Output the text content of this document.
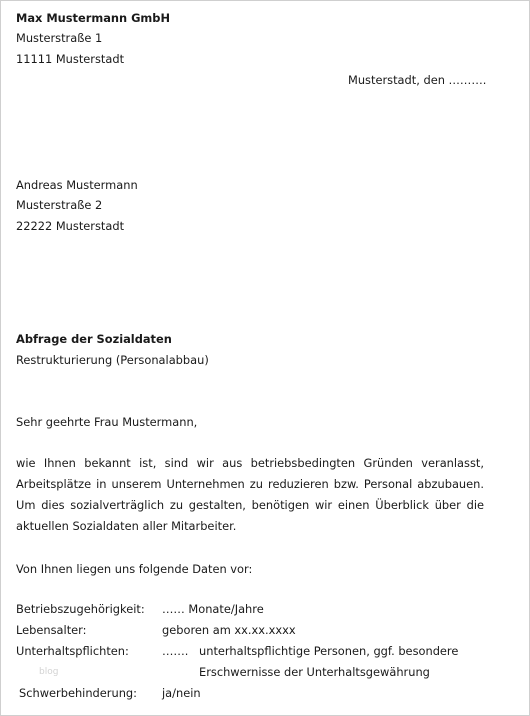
Max Mustermann GmbH
Musterstraße 1
11111 Musterstadt
Musterstadt, den ……….
Andreas Mustermann
Musterstraße 2
22222 Musterstadt
Abfrage der Sozialdaten
Restrukturierung (Personalabbau)
Sehr geehrte Frau Mustermann,
wie Ihnen bekannt ist, sind wir aus betriebsbedingten Gründen veranlasst, Arbeitsplätze in unserem Unternehmen zu reduzieren bzw. Personal abzubauen. Um dies sozialverträglich zu gestalten, benötigen wir einen Überblick über die aktuellen Sozialdaten aller Mitarbeiter.
Von Ihnen liegen uns folgende Daten vor:
Betriebszugehörigkeit: …… Monate/Jahre
Lebensalter:	geboren am xx.xx.xxxx
Unterhaltspflichten:	……. unterhaltspflichtige Personen, ggf. besondere
blog	Erschwernisse der Unterhaltsgewährung
Schwerbehinderung: ja/nein
